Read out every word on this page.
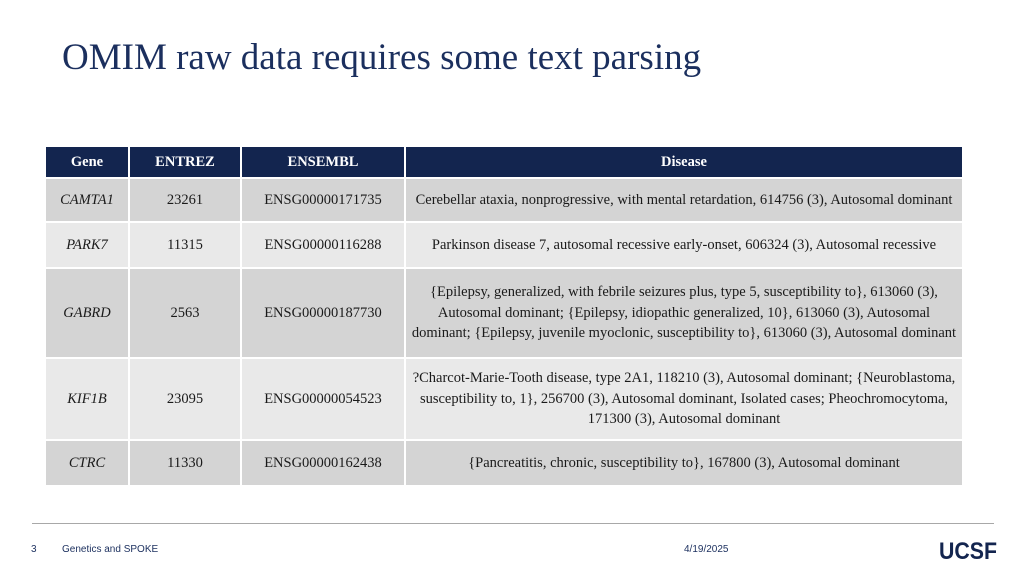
OMIM raw data requires some text parsing
Gene	ENTREZ	ENSEMBL	Disease
CAMTA1	23261	ENSG00000171735	Cerebellar ataxia, nonprogressive, with mental retardation, 614756 (3), Autosomal dominant
PARK7	11315	ENSG00000116288	Parkinson disease 7, autosomal recessive early-onset, 606324 (3), Autosomal recessive
GABRD	2563	ENSG00000187730	{Epilepsy, generalized, with febrile seizures plus, type 5, susceptibility to}, 613060 (3), Autosomal dominant; {Epilepsy, idiopathic generalized, 10}, 613060 (3), Autosomal dominant; {Epilepsy, juvenile myoclonic, susceptibility to}, 613060 (3), Autosomal dominant
KIF1B	23095	ENSG00000054523	?Charcot-Marie-Tooth disease, type 2A1, 118210 (3), Autosomal dominant; {Neuroblastoma, susceptibility to, 1}, 256700 (3), Autosomal dominant, Isolated cases; Pheochromocytoma, 171300 (3), Autosomal dominant
CTRC	11330	ENSG00000162438	{Pancreatitis, chronic, susceptibility to}, 167800 (3), Autosomal dominant
3	Genetics and SPOKE	4/19/2025	UCSF
